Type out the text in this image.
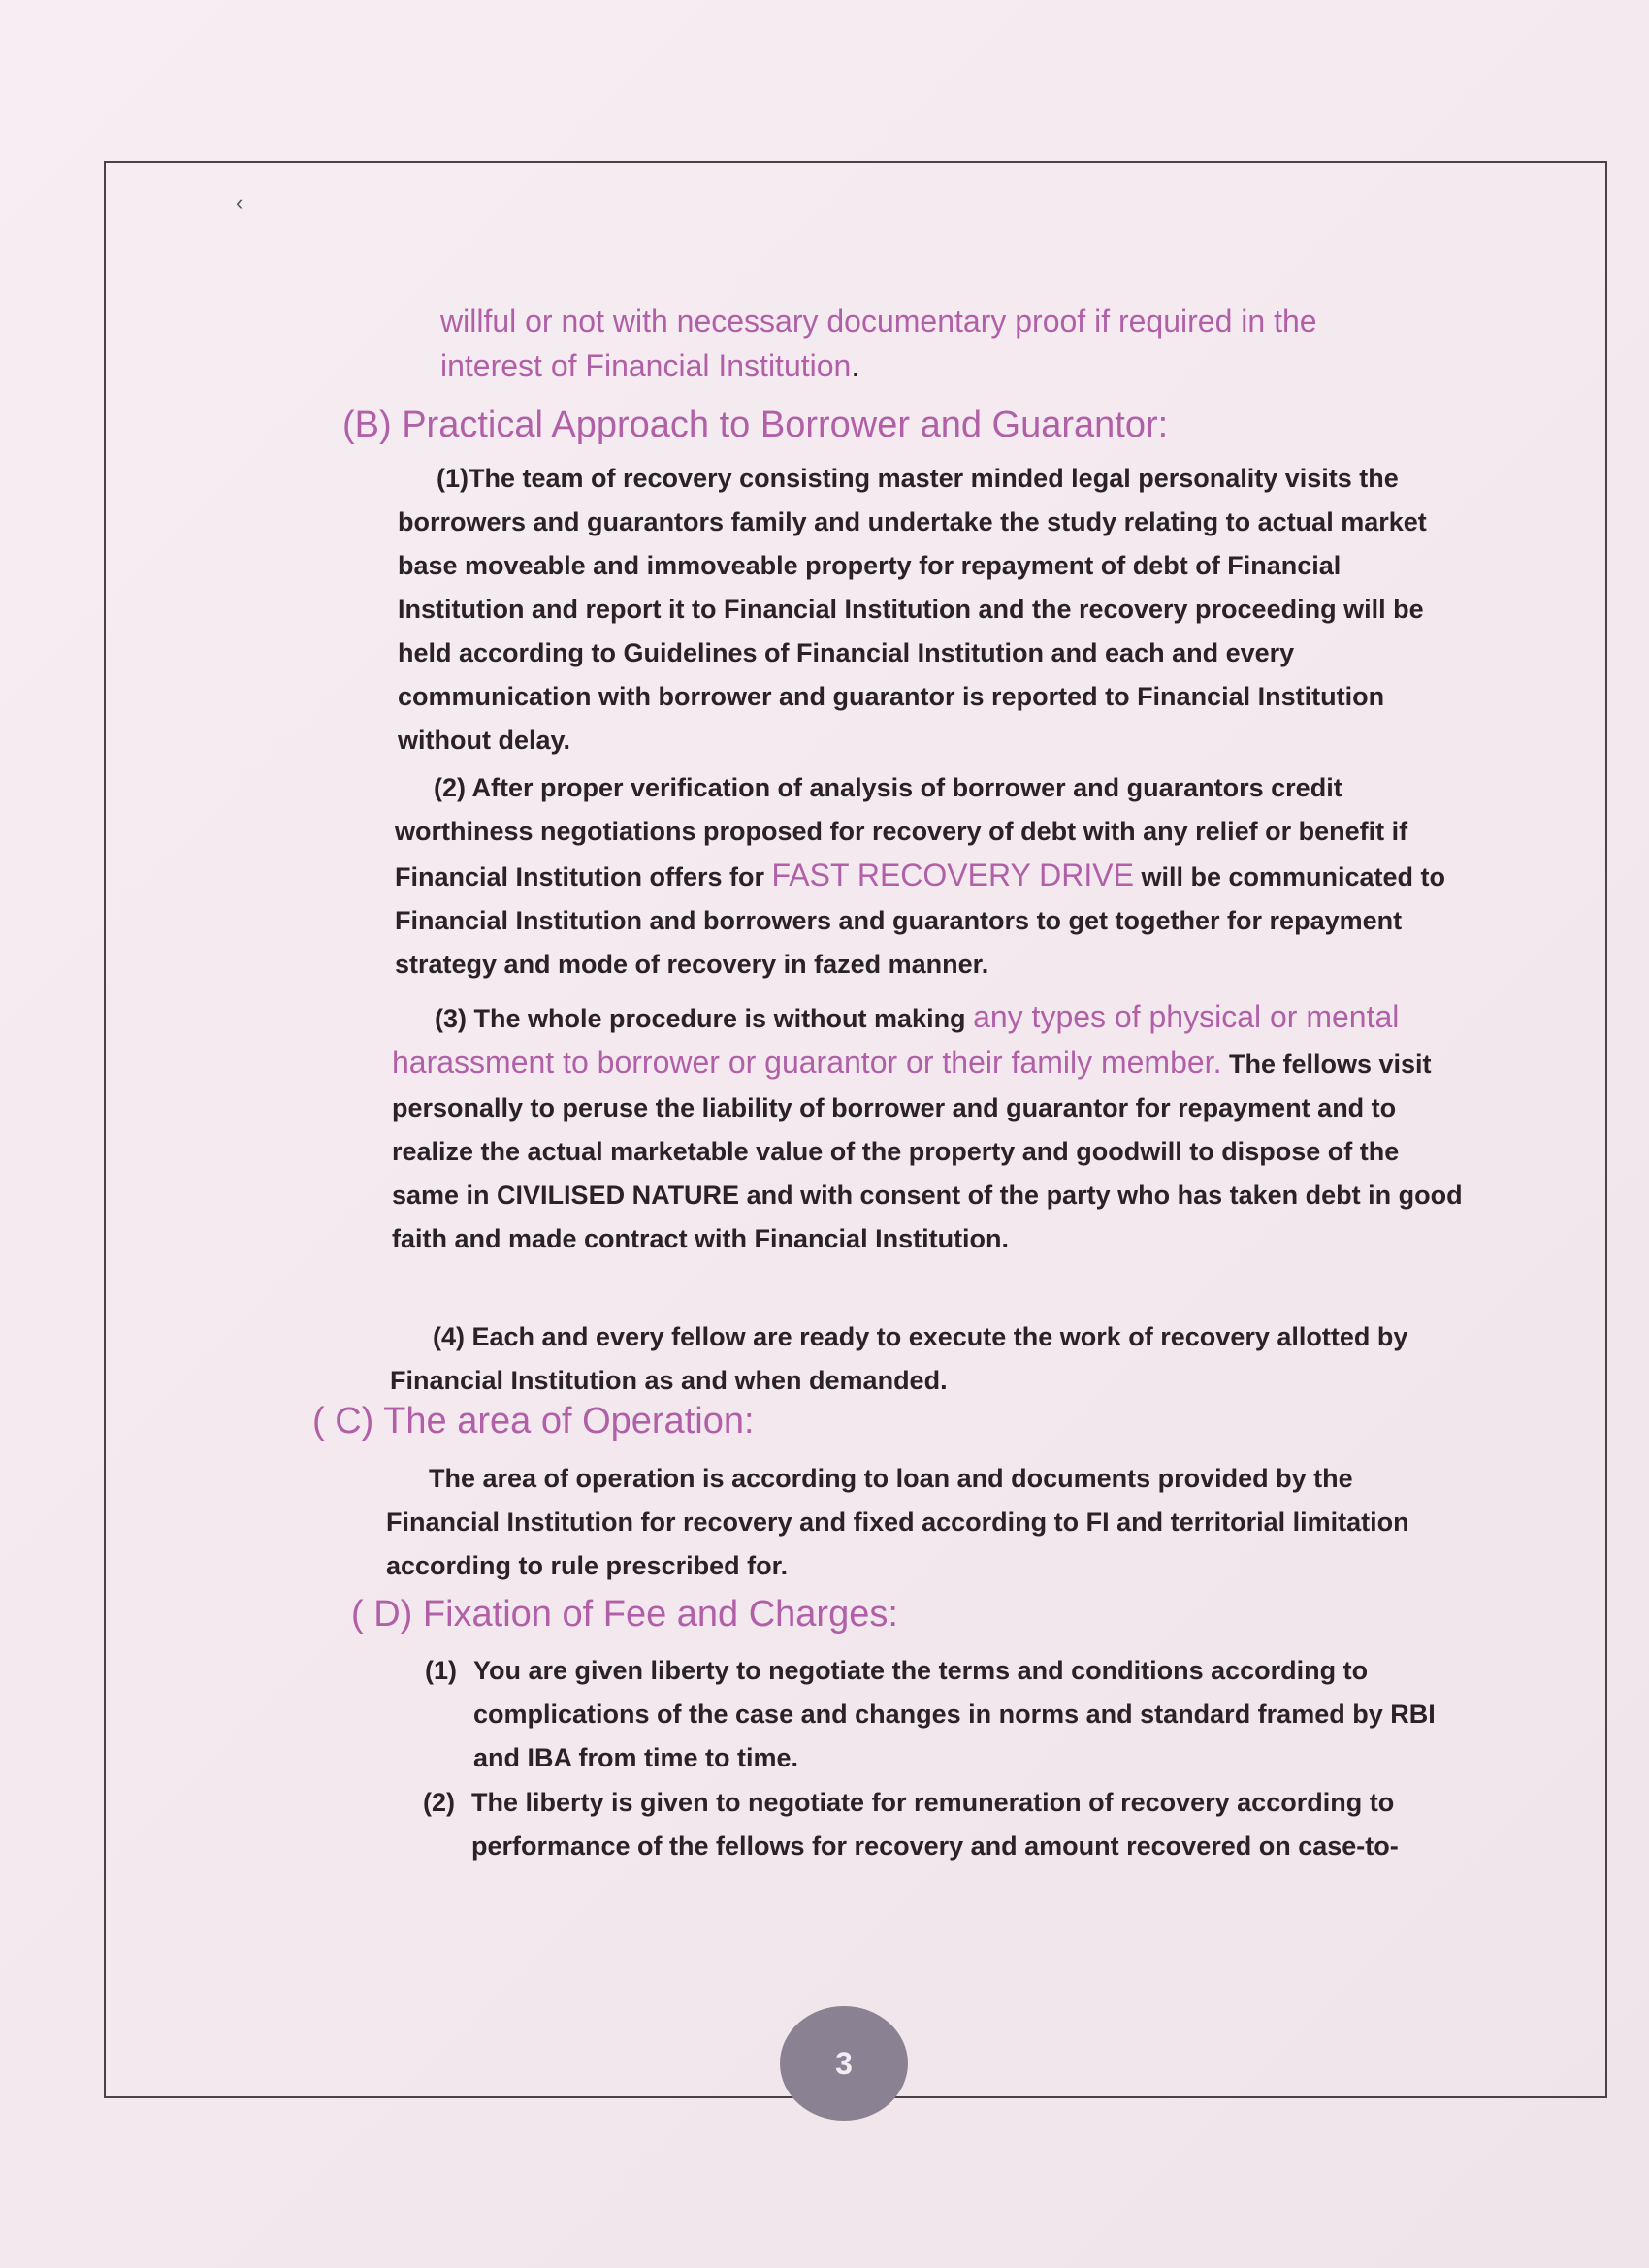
‹
willful or not with necessary documentary proof if required in the
interest of Financial Institution.
(B) Practical Approach to Borrower and Guarantor:
(1)The team of recovery consisting master minded legal personality visits the borrowers and guarantors family and undertake the study relating to actual market base moveable and immoveable property for repayment of debt of Financial Institution and report it to Financial Institution and the recovery proceeding will be held according to Guidelines of Financial Institution and each and every communication with borrower and guarantor is reported to Financial Institution without delay.
(2) After proper verification of analysis of borrower and guarantors credit worthiness negotiations proposed for recovery of debt with any relief or benefit if Financial Institution offers for FAST RECOVERY DRIVE will be communicated to Financial Institution and borrowers and guarantors to get together for repayment strategy and mode of recovery in fazed manner.
(3) The whole procedure is without making any types of physical or mental harassment to borrower or guarantor or their family member. The fellows visit personally to peruse the liability of borrower and guarantor for repayment and to realize the actual marketable value of the property and goodwill to dispose of the same in CIVILISED NATURE and with consent of the party who has taken debt in good faith and made contract with Financial Institution.
(4) Each and every fellow are ready to execute the work of recovery allotted by Financial Institution as and when demanded.
( C) The area of Operation:
The area of operation is according to loan and documents provided by the Financial Institution for recovery and fixed according to FI and territorial limitation according to rule prescribed for.
( D) Fixation of Fee and Charges:
(1) You are given liberty to negotiate the terms and conditions according to complications of the case and changes in norms and standard framed by RBI and IBA from time to time.
(2) The liberty is given to negotiate for remuneration of recovery according to performance of the fellows for recovery and amount recovered on case-to-
3
